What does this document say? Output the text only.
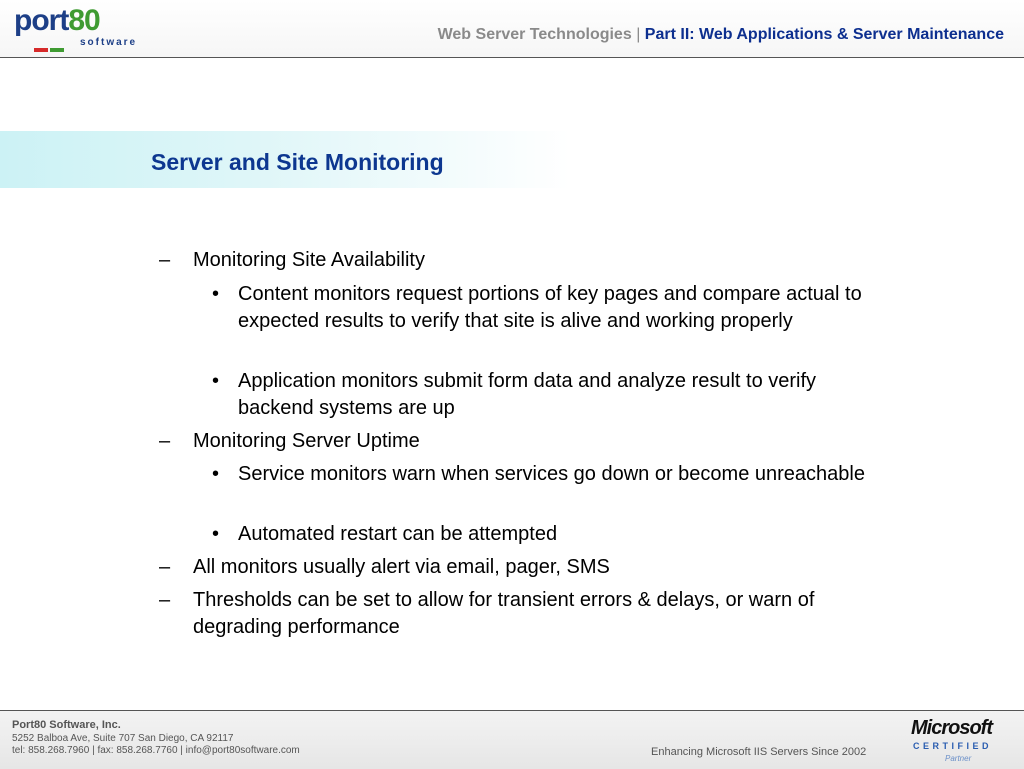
port80
software	Web Server Technologies | Part II: Web Applications & Server Maintenance
Server and Site Monitoring
– Monitoring Site Availability
• Content monitors request portions of key pages and compare actual to expected results to verify that site is alive and working properly
• Application monitors submit form data and analyze result to verify backend systems are up
– Monitoring Server Uptime
• Service monitors warn when services go down or become unreachable
• Automated restart can be attempted
– All monitors usually alert via email, pager, SMS
– Thresholds can be set to allow for transient errors & delays, or warn of degrading performance
Port80 Software, Inc.
5252 Balboa Ave, Suite 707 San Diego, CA 92117
tel: 858.268.7960 | fax: 858.268.7760 | info@port80software.com	Enhancing Microsoft IIS Servers Since 2002
Microsoft
CERTIFIED
Partner
